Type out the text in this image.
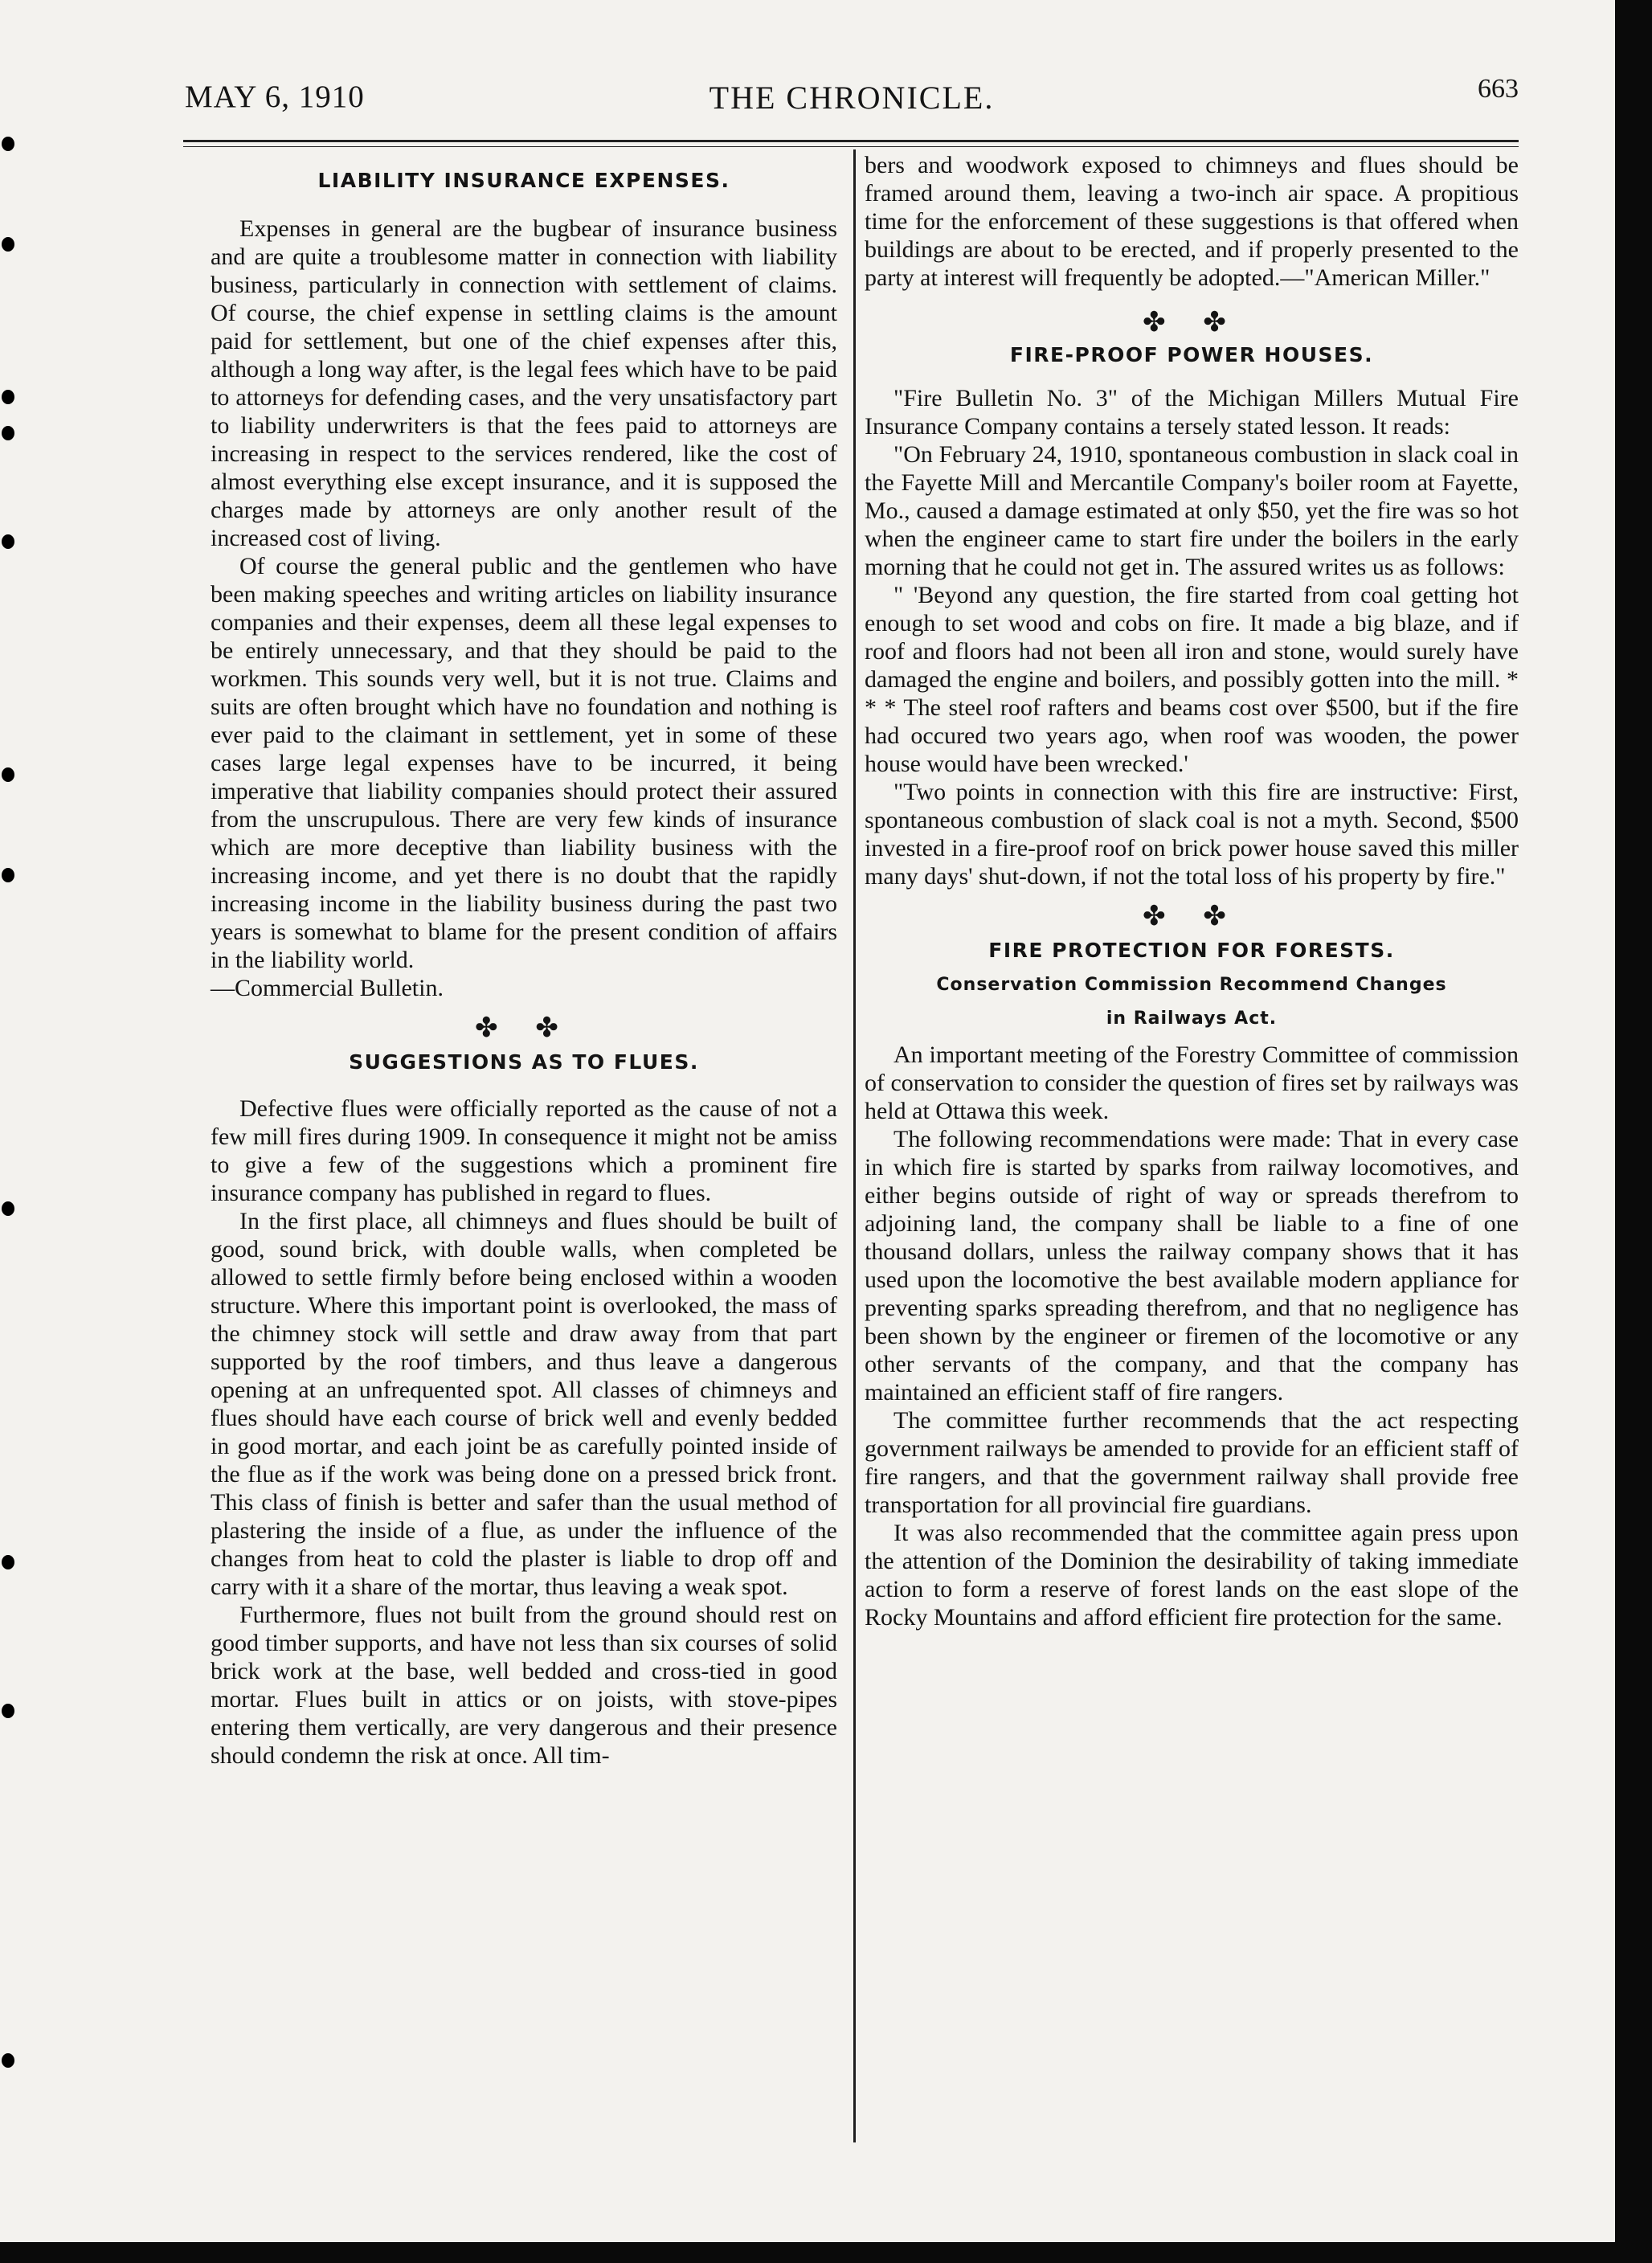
MAY 6, 1910	THE CHRONICLE.	663
LIABILITY INSURANCE EXPENSES.

Expenses in general are the bugbear of insurance business and are quite a troublesome matter in connection with liability business, particularly in connection with settlement of claims. Of course, the chief expense in settling claims is the amount paid for settlement, but one of the chief expenses after this, although a long way after, is the legal fees which have to be paid to attorneys for defending cases, and the very unsatisfactory part to liability underwriters is that the fees paid to attorneys are increasing in respect to the services rendered, like the cost of almost everything else except insurance, and it is supposed the charges made by attorneys are only another result of the increased cost of living.

Of course the general public and the gentlemen who have been making speeches and writing articles on liability insurance companies and their expenses, deem all these legal expenses to be entirely unnecessary, and that they should be paid to the workmen. This sounds very well, but it is not true. Claims and suits are often brought which have no foundation and nothing is ever paid to the claimant in settlement, yet in some of these cases large legal expenses have to be incurred, it being imperative that liability companies should protect their assured from the unscrupulous. There are very few kinds of insurance which are more deceptive than liability business with the increasing income, and yet there is no doubt that the rapidly increasing income in the liability business during the past two years is somewhat to blame for the present condition of affairs in the liability world.

—Commercial Bulletin.

✤ ✤

SUGGESTIONS AS TO FLUES.

Defective flues were officially reported as the cause of not a few mill fires during 1909. In consequence it might not be amiss to give a few of the suggestions which a prominent fire insurance company has published in regard to flues.

In the first place, all chimneys and flues should be built of good, sound brick, with double walls, when completed be allowed to settle firmly before being enclosed within a wooden structure. Where this important point is overlooked, the mass of the chimney stock will settle and draw away from that part supported by the roof timbers, and thus leave a dangerous opening at an unfrequented spot. All classes of chimneys and flues should have each course of brick well and evenly bedded in good mortar, and each joint be as carefully pointed inside of the flue as if the work was being done on a pressed brick front. This class of finish is better and safer than the usual method of plastering the inside of a flue, as under the influence of the changes from heat to cold the plaster is liable to drop off and carry with it a share of the mortar, thus leaving a weak spot.

Furthermore, flues not built from the ground should rest on good timber supports, and have not less than six courses of solid brick work at the base, well bedded and cross-tied in good mortar. Flues built in attics or on joists, with stove-pipes entering them vertically, are very dangerous and their presence should condemn the risk at once. All tim-

bers and woodwork exposed to chimneys and flues should be framed around them, leaving a two-inch air space. A propitious time for the enforcement of these suggestions is that offered when buildings are about to be erected, and if properly presented to the party at interest will frequently be adopted.—"American Miller."

✤ ✤

FIRE-PROOF POWER HOUSES.

"Fire Bulletin No. 3" of the Michigan Millers Mutual Fire Insurance Company contains a tersely stated lesson. It reads:

"On February 24, 1910, spontaneous combustion in slack coal in the Fayette Mill and Mercantile Company's boiler room at Fayette, Mo., caused a damage estimated at only $50, yet the fire was so hot when the engineer came to start fire under the boilers in the early morning that he could not get in. The assured writes us as follows:

" 'Beyond any question, the fire started from coal getting hot enough to set wood and cobs on fire. It made a big blaze, and if roof and floors had not been all iron and stone, would surely have damaged the engine and boilers, and possibly gotten into the mill. * * * The steel roof rafters and beams cost over $500, but if the fire had occured two years ago, when roof was wooden, the power house would have been wrecked.'

"Two points in connection with this fire are instructive: First, spontaneous combustion of slack coal is not a myth. Second, $500 invested in a fire-proof roof on brick power house saved this miller many days' shut-down, if not the total loss of his property by fire."

✤ ✤

FIRE PROTECTION FOR FORESTS.

Conservation Commission Recommend Changes

in Railways Act.

An important meeting of the Forestry Committee of commission of conservation to consider the question of fires set by railways was held at Ottawa this week.

The following recommendations were made: That in every case in which fire is started by sparks from railway locomotives, and either begins outside of right of way or spreads therefrom to adjoining land, the company shall be liable to a fine of one thousand dollars, unless the railway company shows that it has used upon the locomotive the best available modern appliance for preventing sparks spreading therefrom, and that no negligence has been shown by the engineer or firemen of the locomotive or any other servants of the company, and that the company has maintained an efficient staff of fire rangers.

The committee further recommends that the act respecting government railways be amended to provide for an efficient staff of fire rangers, and that the government railway shall provide free transportation for all provincial fire guardians.

It was also recommended that the committee again press upon the attention of the Dominion the desirability of taking immediate action to form a reserve of forest lands on the east slope of the Rocky Mountains and afford efficient fire protection for the same.
